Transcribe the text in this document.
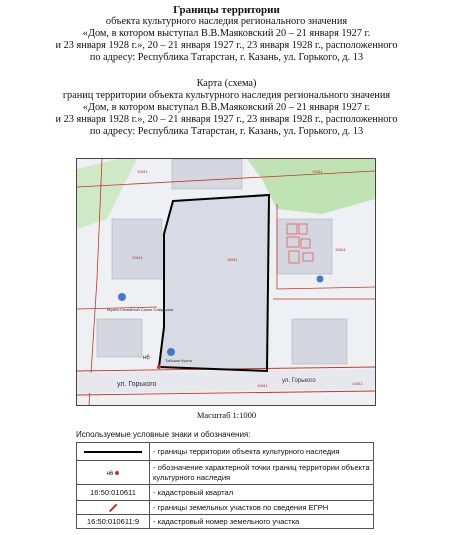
Границы территории
объекта культурного наследия регионального значения
«Дом, в котором выступал В.В.Маяковский 20 – 21 января 1927 г.
и 23 января 1928 г.», 20 – 21 января 1927 г., 23 января 1928 г., расположенного
по адресу: Республика Татарстан, г. Казань, ул. Горького, д. 13
Карта (схема)
границ территории объекта культурного наследия регионального значения
«Дом, в котором выступал В.В.Маяковский 20 – 21 января 1927 г.
и 23 января 1928 г.», 20 – 21 января 1927 г., 23 января 1928 г., расположенного
по адресу: Республика Татарстан, г. Казань, ул. Горького, д. 13
н6
ул. Горького	ул. Горького
Музей-Семейный Салих Сайдашев
Тайская Кухня
10611	10611
10611	10611
10611
10611	10611
Масштаб 1:1000
Используемые условные знаки и обозначения:
	- границы территории объекта культурного наследия
н6	- обозначение характерной точки границ территории объекта культурного наследия
16:50:010611	- кадастровый квартал
	- границы земельных участков по сведения ЕГРН
16:50:010611:9	- кадастровый номер земельного участка
